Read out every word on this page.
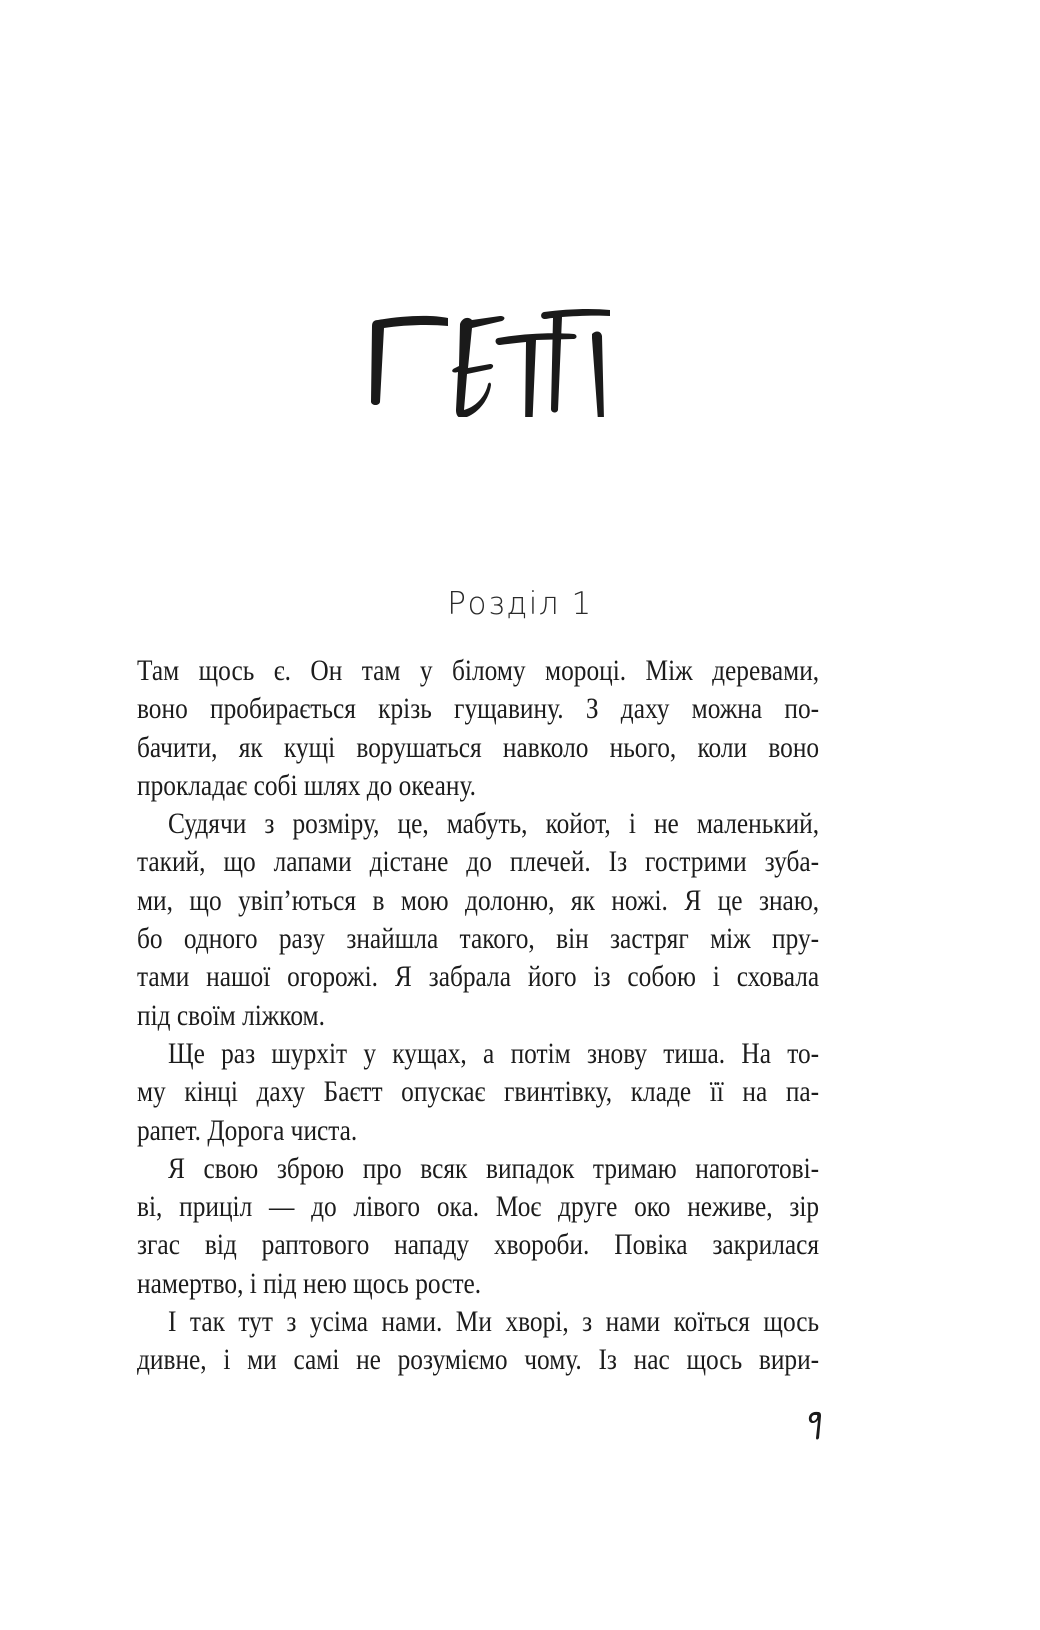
Розділ 1
Там щось є. Он там у білому мороці. Між деревами,
воно пробирається крізь гущавину. З даху можна по-
бачити, як кущі ворушаться навколо нього, коли воно
прокладає собі шлях до океану.
Судячи з розміру, це, мабуть, койот, і не маленький,
такий, що лапами дістане до плечей. Із гострими зуба-
ми, що увіп’ються в мою долоню, як ножі. Я це знаю,
бо одного разу знайшла такого, він застряг між пру-
тами нашої огорожі. Я забрала його із собою і сховала
під своїм ліжком.
Ще раз шурхіт у кущах, а потім знову тиша. На то-
му кінці даху Баєтт опускає гвинтівку, кладе її на па-
рапет. Дорога чиста.
Я свою зброю про всяк випадок тримаю напоготові-
ві, приціл — до лівого ока. Моє друге око неживе, зір
згас від раптового нападу хвороби. Повіка закрилася
намертво, і під нею щось росте.
І так тут з усіма нами. Ми хворі, з нами коїться щось
дивне, і ми самі не розуміємо чому. Із нас щось вири-
